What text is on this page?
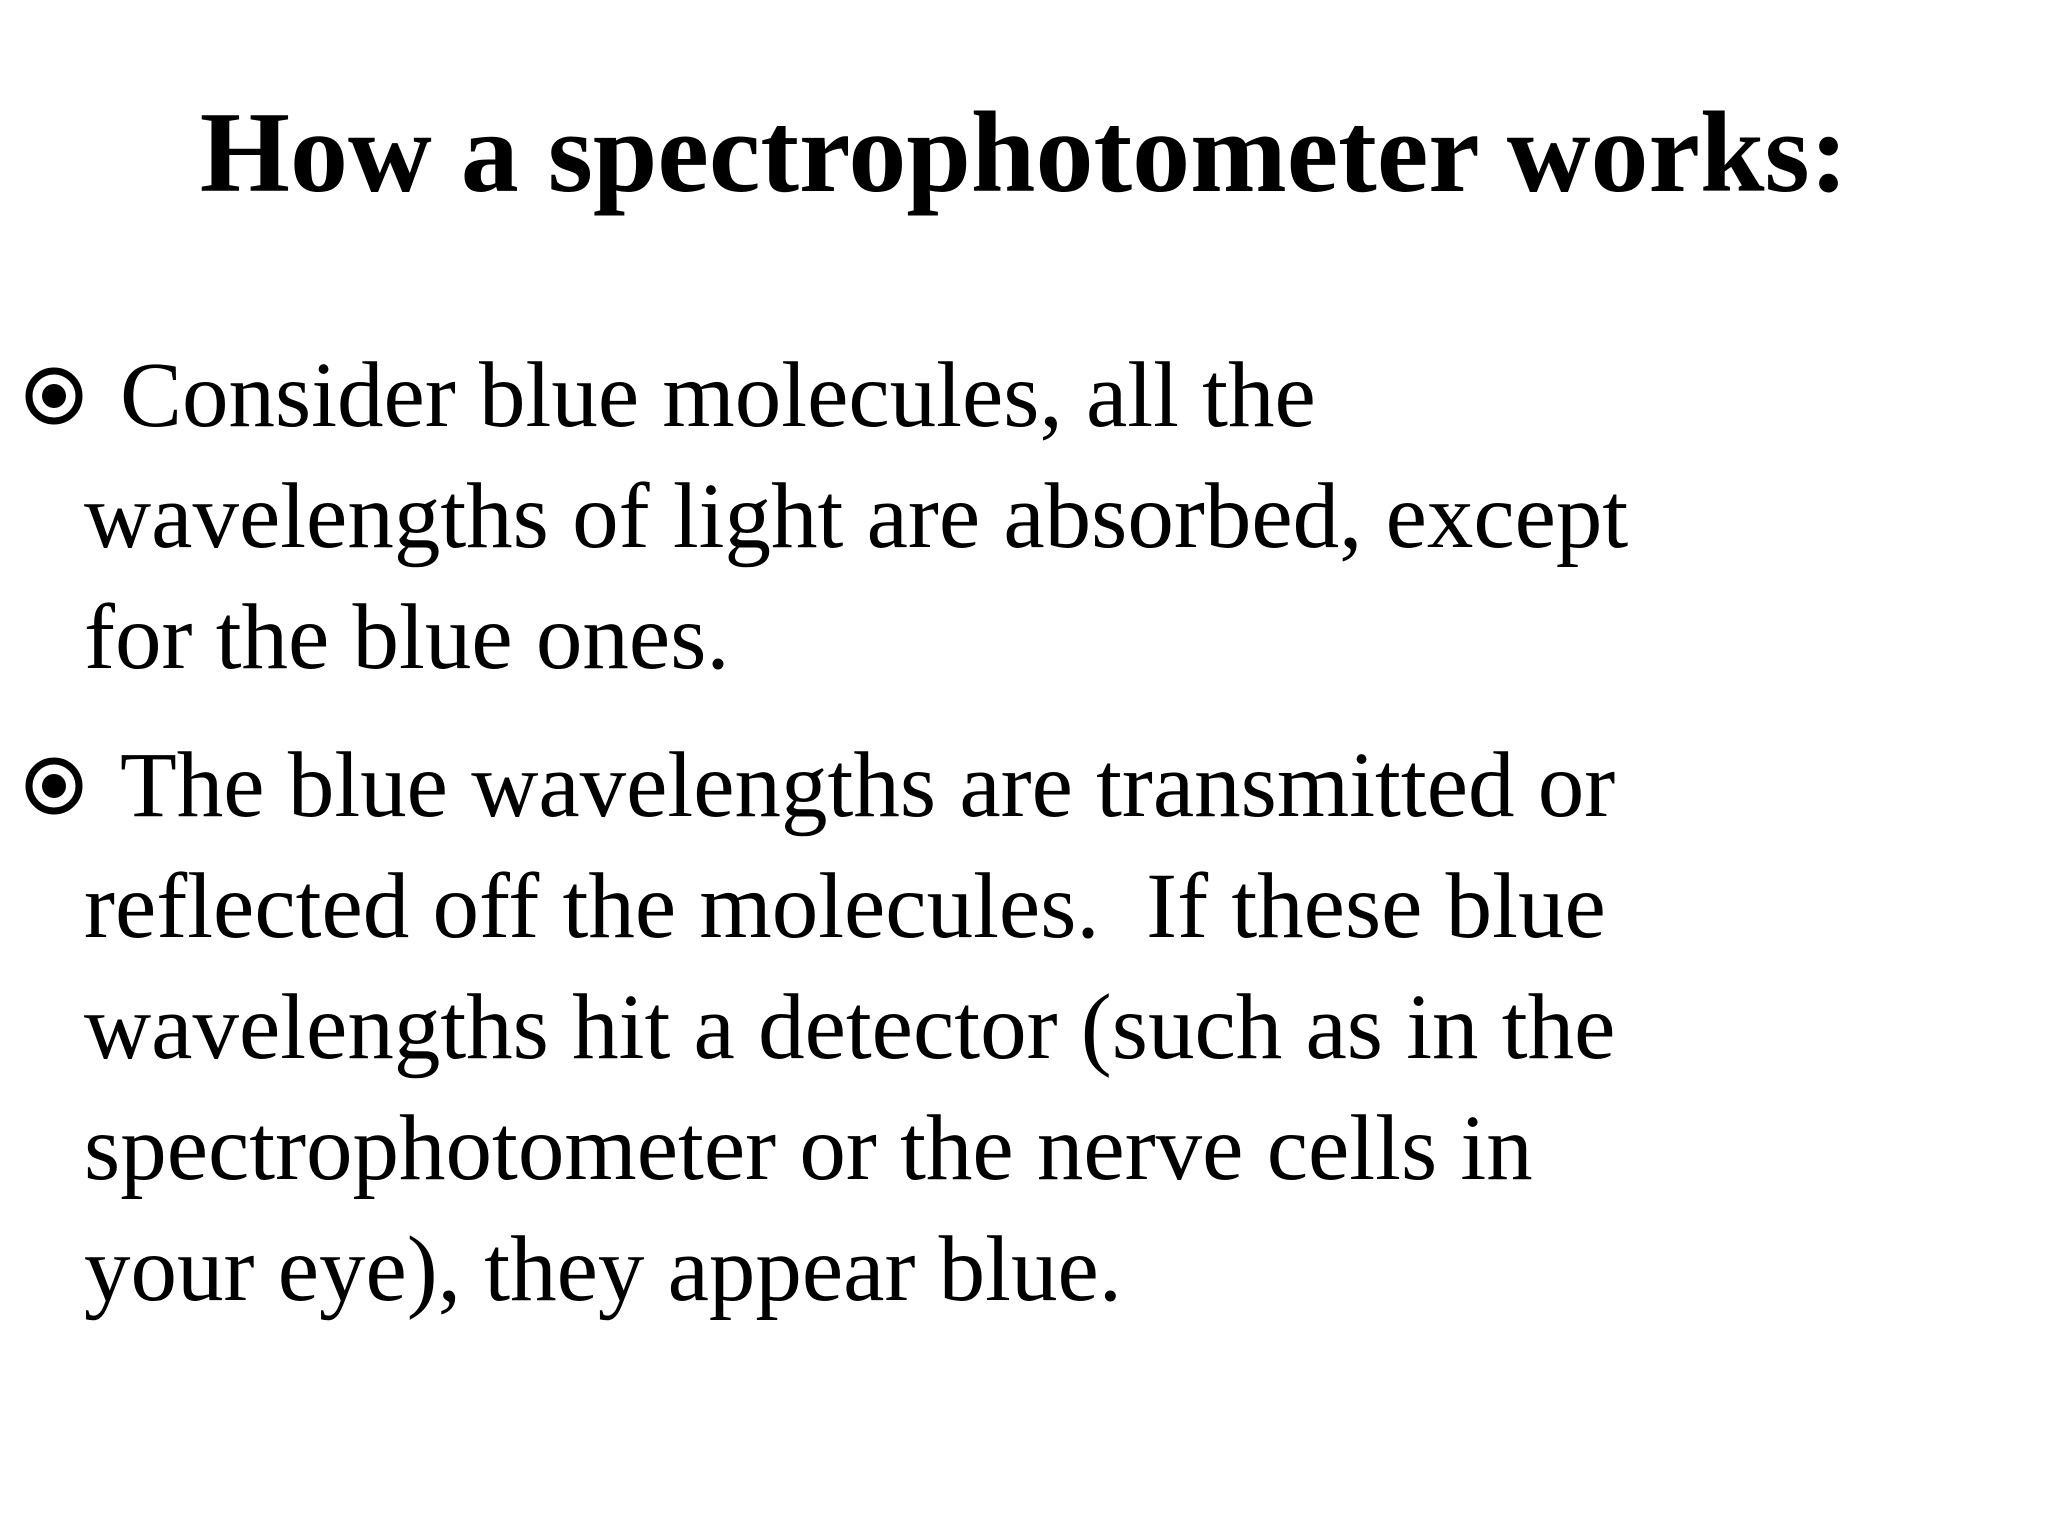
How a spectrophotometer works:
Consider blue molecules, all the
wavelengths of light are absorbed, except
for the blue ones.
The blue wavelengths are transmitted or
reflected off the molecules.  If these blue
wavelengths hit a detector (such as in the
spectrophotometer or the nerve cells in
your eye), they appear blue.
